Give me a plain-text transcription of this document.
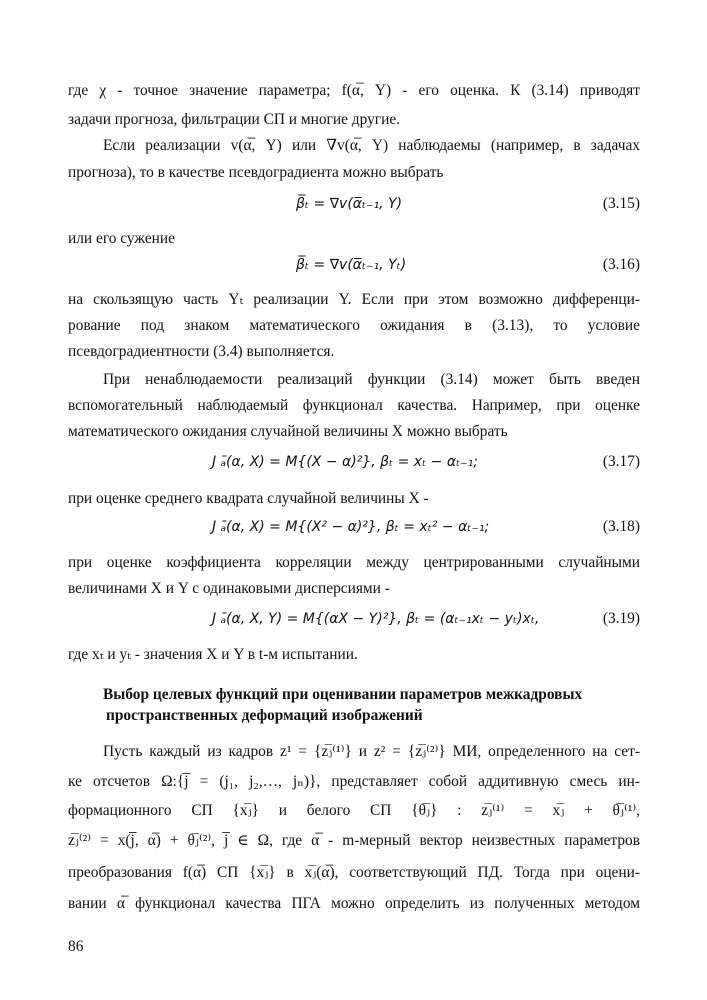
где χ - точное значение параметра; f(α̅, Y) - его оценка. К (3.14) приводят
задачи прогноза, фильтрации СП и многие другие.
Если реализации v(α̅, Y) или ∇v(α̅, Y) наблюдаемы (например, в задачах
прогноза), то в качестве псевдоградиента можно выбрать
β̅ₜ = ∇v(α̅ₜ₋₁, Y)	(3.15)
или его сужение
β̅ₜ = ∇v(α̅ₜ₋₁, Yₜ)	(3.16)
на скользящую часть Yₜ реализации Y. Если при этом возможно дифференци-
рование под знаком математического ожидания в (3.13), то условие
псевдоградиентности (3.4) выполняется.
При ненаблюдаемости реализаций функции (3.14) может быть введен
вспомогательный наблюдаемый функционал качества. Например, при оценке
математического ожидания случайной величины X можно выбрать
J ₐ̄(α, X) = M{(X − α)²}, βₜ = xₜ − αₜ₋₁;	(3.17)
при оценке среднего квадрата случайной величины X -
J ₐ̄(α, X) = M{(X² − α)²}, βₜ = xₜ² − αₜ₋₁;	(3.18)
при оценке коэффициента корреляции между центрированными случайными
величинами X и Y с одинаковыми дисперсиями -
J ₐ̄(α, X, Y) = M{(αX − Y)²}, βₜ = (αₜ₋₁xₜ − yₜ)xₜ,	(3.19)
где xₜ и yₜ - значения X и Y в t-м испытании.
Выбор целевых функций при оценивании параметров межкадровых
пространственных деформаций изображений
Пусть каждый из кадров z¹ = {zⱼ̅⁽¹⁾} и z² = {zⱼ̅⁽²⁾} МИ, определенного на сет-
ке отсчетов Ω:{j̅ = (j₁, j₂,…, jₙ)}, представляет собой аддитивную смесь ин-
формационного СП {xⱼ̅} и белого СП {θⱼ̅} : zⱼ̅⁽¹⁾ = xⱼ̅ + θⱼ̅⁽¹⁾,
zⱼ̅⁽²⁾ = x(j̅, α̅) + θⱼ̅⁽²⁾, j̅ ∈ Ω, где α̅ - m-мерный вектор неизвестных параметров
преобразования f(α̅) СП {xⱼ̅} в xⱼ̅(α̅), соответствующий ПД. Тогда при оцени-
вании α̅ функционал качества ПГА можно определить из полученных методом
86
